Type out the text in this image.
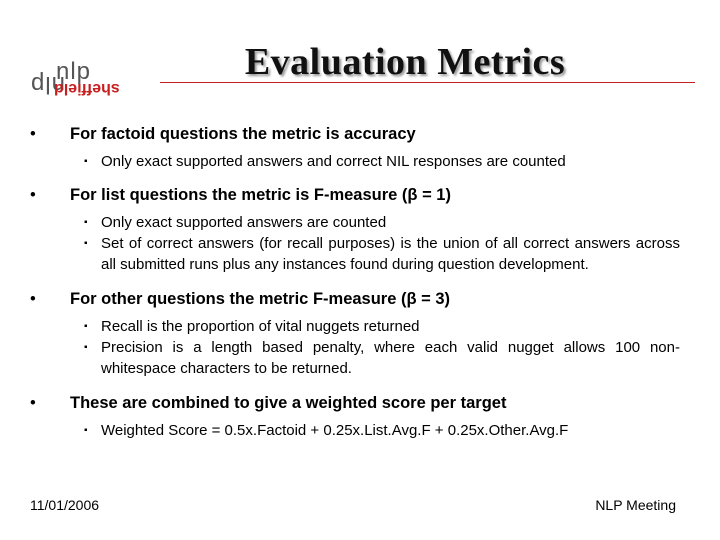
nlp
nlp
sheffield
Evaluation Metrics
• For factoid questions the metric is accuracy
▪ Only exact supported answers and correct NIL responses are counted
• For list questions the metric is F-measure (β = 1)
▪ Only exact supported answers are counted
▪ Set of correct answers (for recall purposes) is the union of all correct answers across all submitted runs plus any instances found during question development.
• For other questions the metric F-measure (β = 3)
▪ Recall is the proportion of vital nuggets returned
▪ Precision is a length based penalty, where each valid nugget allows 100 non-whitespace characters to be returned.
• These are combined to give a weighted score per target
▪ Weighted Score = 0.5x.Factoid + 0.25x.List.Avg.F + 0.25x.Other.Avg.F
11/01/2006	NLP Meeting
